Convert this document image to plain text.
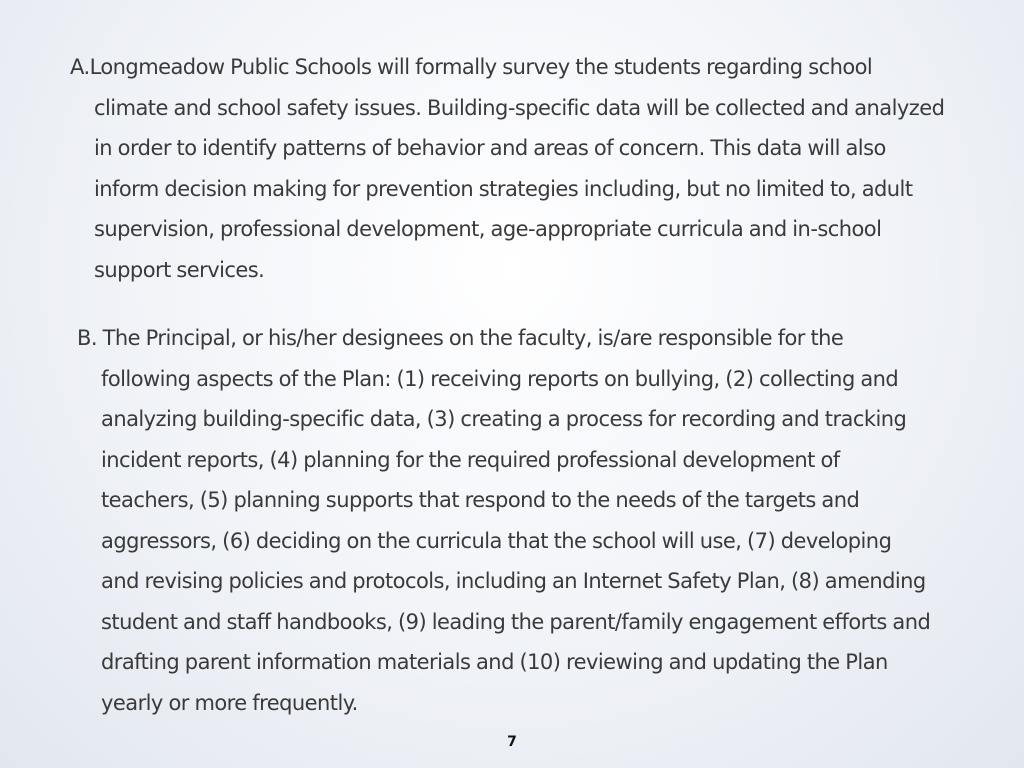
A.Longmeadow Public Schools will formally survey the students regarding school
climate and school safety issues. Building-specific data will be collected and analyzed
in order to identify patterns of behavior and areas of concern. This data will also
inform decision making for prevention strategies including, but no limited to, adult
supervision, professional development, age-appropriate curricula and in-school
support services.
B. The Principal, or his/her designees on the faculty, is/are responsible for the
following aspects of the Plan: (1) receiving reports on bullying, (2) collecting and
analyzing building-specific data, (3) creating a process for recording and tracking
incident reports, (4) planning for the required professional development of
teachers, (5) planning supports that respond to the needs of the targets and
aggressors, (6) deciding on the curricula that the school will use, (7) developing
and revising policies and protocols, including an Internet Safety Plan, (8) amending
student and staff handbooks, (9) leading the parent/family engagement efforts and
drafting parent information materials and (10) reviewing and updating the Plan
yearly or more frequently.
7
